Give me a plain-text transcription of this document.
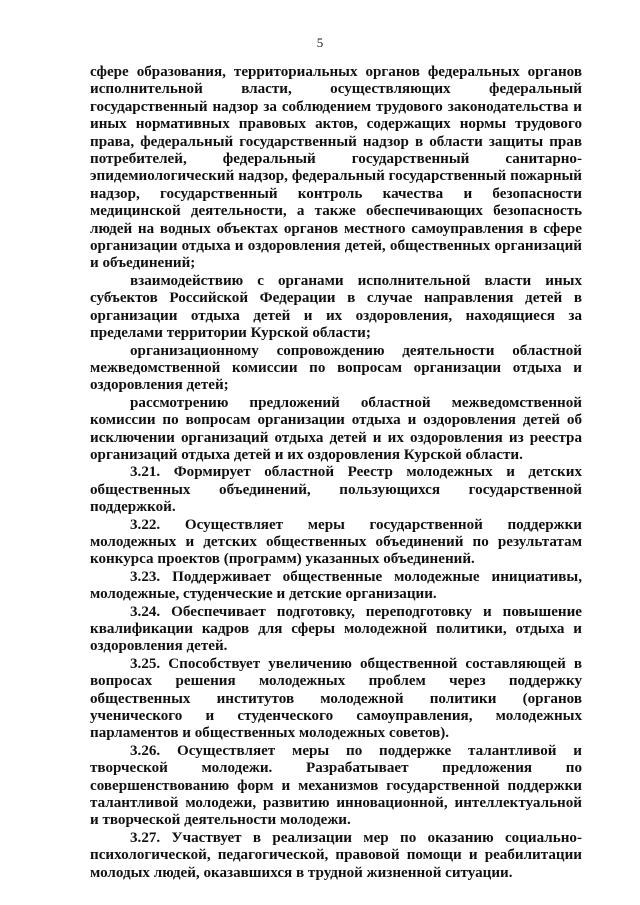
5

сфере образования, территориальных органов федеральных органов исполнительной власти, осуществляющих федеральный государственный надзор за соблюдением трудового законодательства и иных нормативных правовых актов, содержащих нормы трудового права, федеральный государственный надзор в области защиты прав потребителей, федеральный государственный санитарно-эпидемиологический надзор, федеральный государственный пожарный надзор, государственный контроль качества и безопасности медицинской деятельности, а также обеспечивающих безопасность людей на водных объектах органов местного самоуправления в сфере организации отдыха и оздоровления детей, общественных организаций и объединений;

взаимодействию с органами исполнительной власти иных субъектов Российской Федерации в случае направления детей в организации отдыха детей и их оздоровления, находящиеся за пределами территории Курской области;

организационному сопровождению деятельности областной межведомственной комиссии по вопросам организации отдыха и оздоровления детей;

рассмотрению предложений областной межведомственной комиссии по вопросам организации отдыха и оздоровления детей об исключении организаций отдыха детей и их оздоровления из реестра организаций отдыха детей и их оздоровления Курской области.

3.21. Формирует областной Реестр молодежных и детских общественных объединений, пользующихся государственной поддержкой.

3.22. Осуществляет меры государственной поддержки молодежных и детских общественных объединений по результатам конкурса проектов (программ) указанных объединений.

3.23. Поддерживает общественные молодежные инициативы, молодежные, студенческие и детские организации.

3.24. Обеспечивает подготовку, переподготовку и повышение квалификации кадров для сферы молодежной политики, отдыха и оздоровления детей.

3.25. Способствует увеличению общественной составляющей в вопросах решения молодежных проблем через поддержку общественных институтов молодежной политики (органов ученического и студенческого самоуправления, молодежных парламентов и общественных молодежных советов).

3.26. Осуществляет меры по поддержке талантливой и творческой молодежи. Разрабатывает предложения по совершенствованию форм и механизмов государственной поддержки талантливой молодежи, развитию инновационной, интеллектуальной и творческой деятельности молодежи.

3.27. Участвует в реализации мер по оказанию социально-психологической, педагогической, правовой помощи и реабилитации молодых людей, оказавшихся в трудной жизненной ситуации.
